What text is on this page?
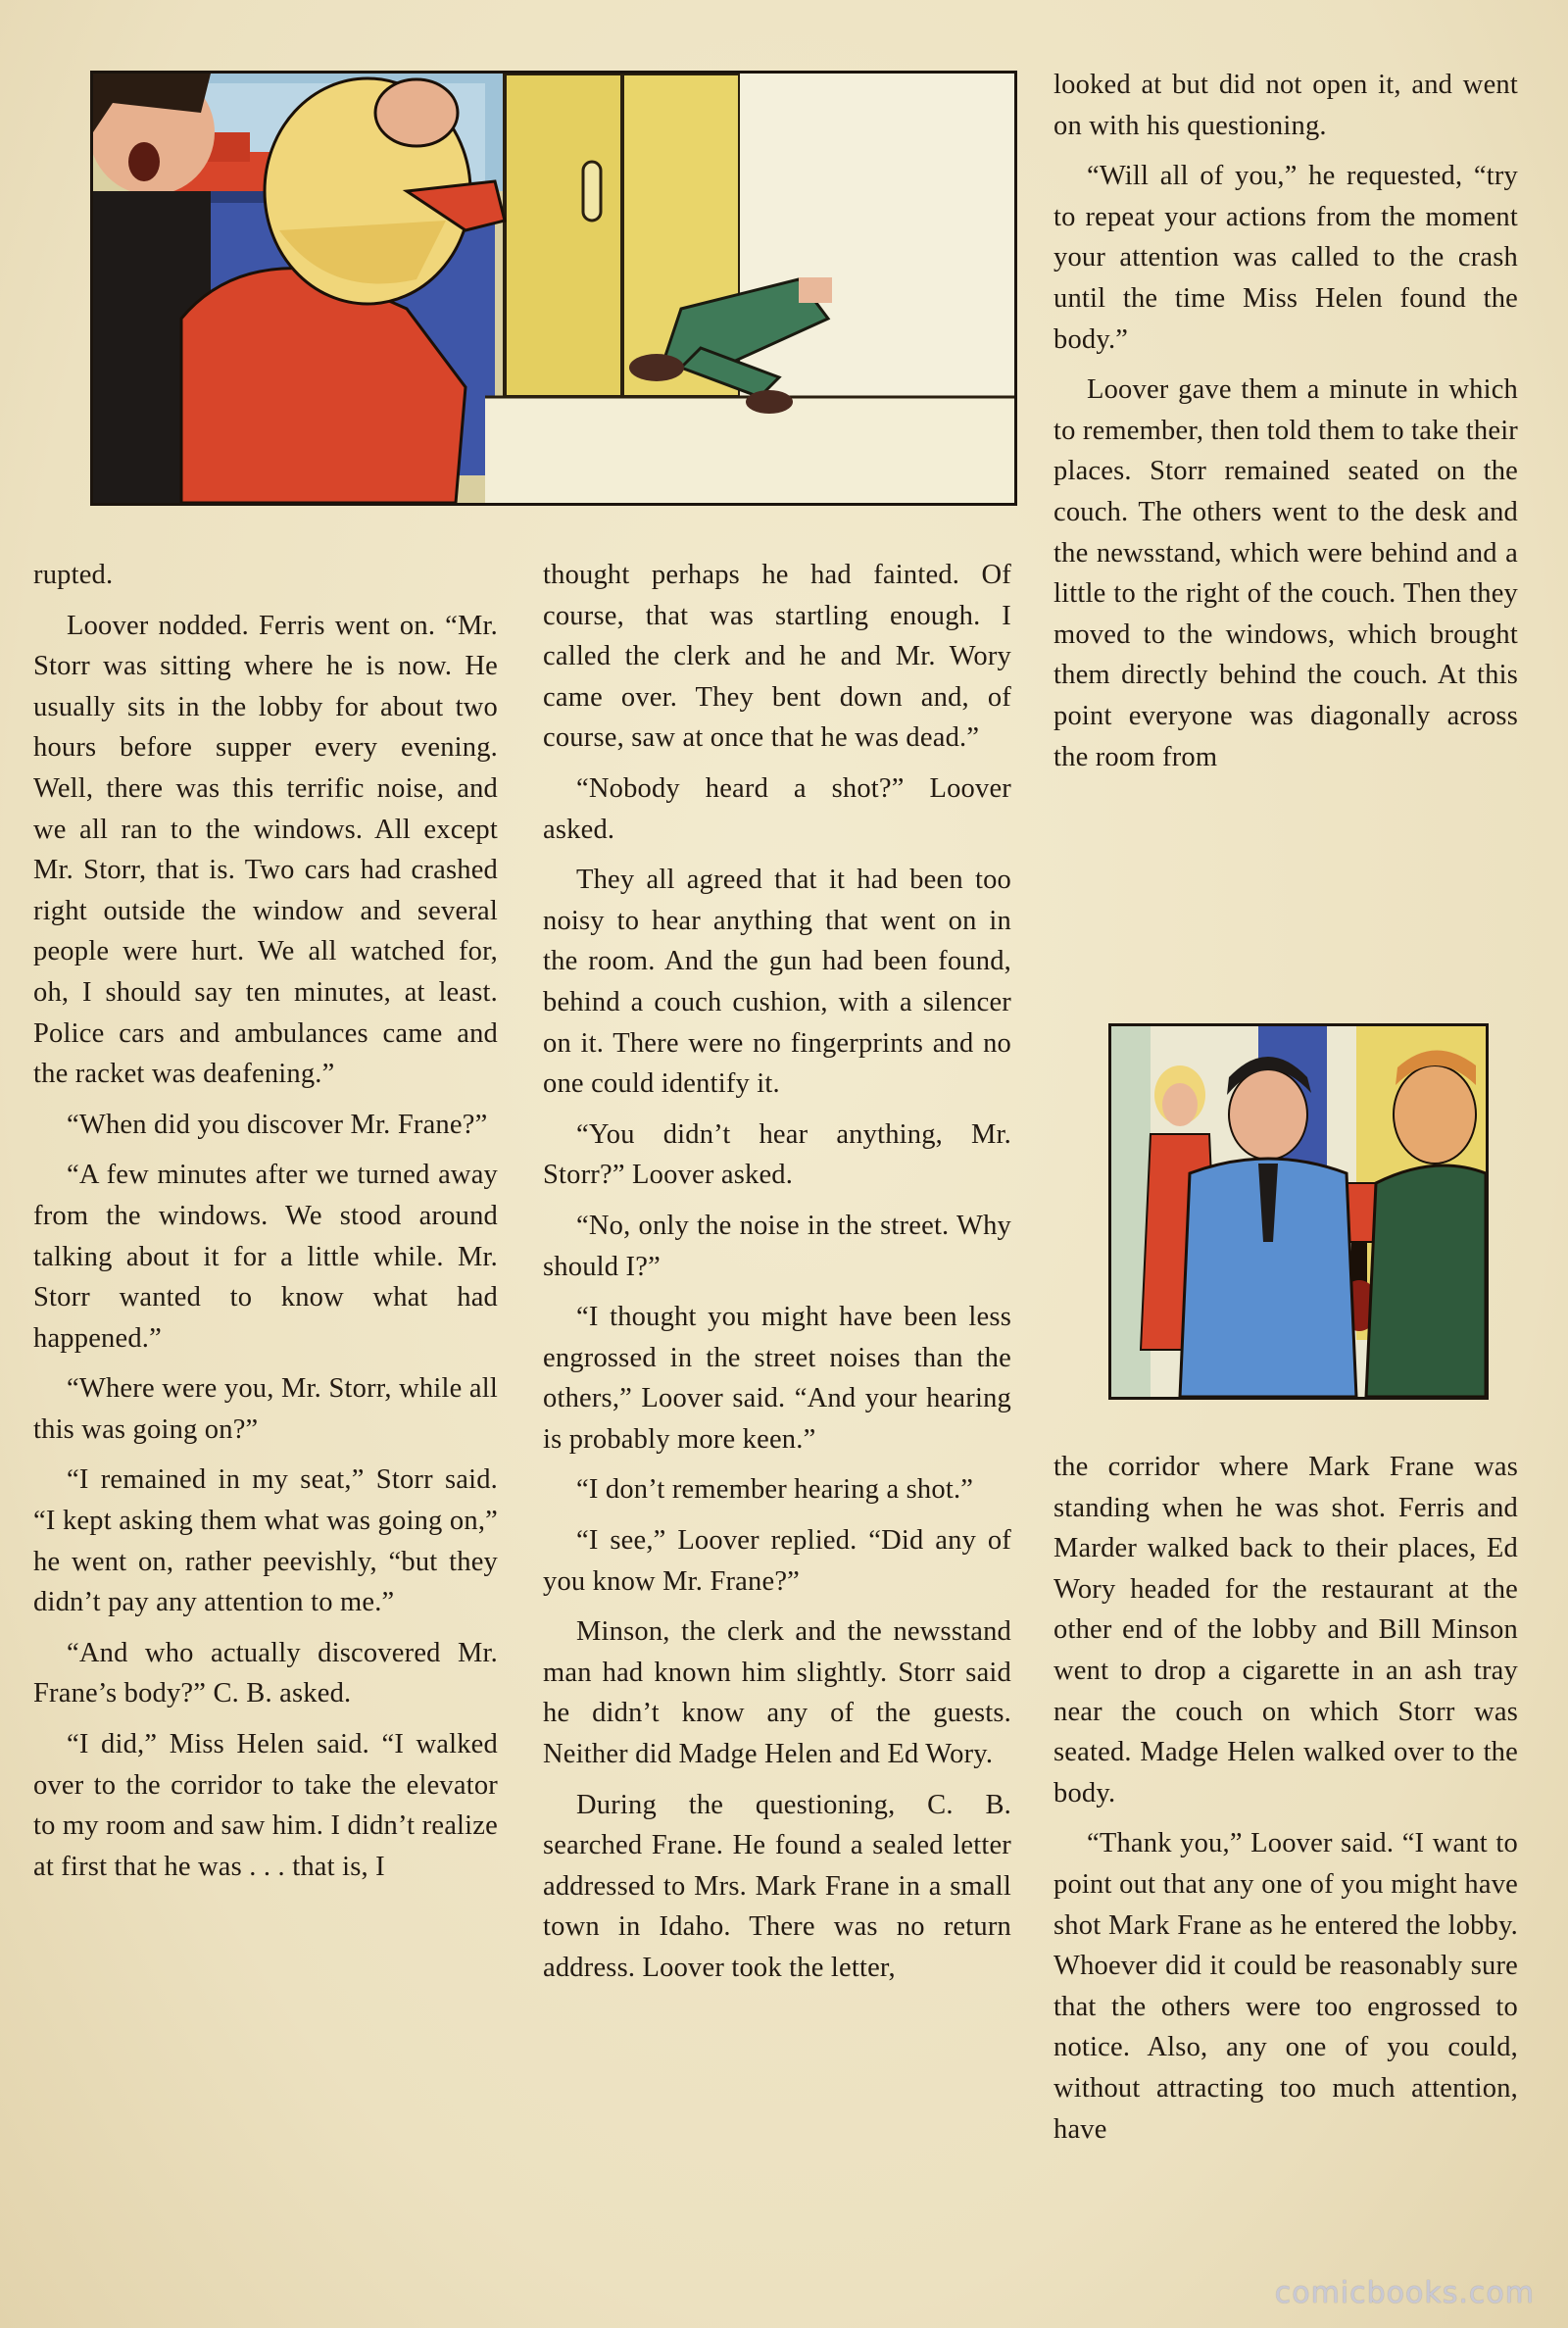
rupted.

Loover nodded. Ferris went on. “Mr. Storr was sitting where he is now. He usually sits in the lobby for about two hours before supper every evening. Well, there was this terrific noise, and we all ran to the windows. All except Mr. Storr, that is. Two cars had crashed right outside the window and several people were hurt. We all watched for, oh, I should say ten minutes, at least. Police cars and ambulances came and the racket was deafening.”

“When did you discover Mr. Frane?”

“A few minutes after we turned away from the windows. We stood around talking about it for a little while. Mr. Storr wanted to know what had happened.”

“Where were you, Mr. Storr, while all this was going on?”

“I remained in my seat,” Storr said. “I kept asking them what was going on,” he went on, rather peevishly, “but they didn’t pay any attention to me.”

“And who actually discovered Mr. Frane’s body?” C. B. asked.

“I did,” Miss Helen said. “I walked over to the corridor to take the elevator to my room and saw him. I didn’t realize at first that he was . . . that is, I

thought perhaps he had fainted. Of course, that was startling enough. I called the clerk and he and Mr. Wory came over. They bent down and, of course, saw at once that he was dead.”

“Nobody heard a shot?” Loover asked.

They all agreed that it had been too noisy to hear anything that went on in the room. And the gun had been found, behind a couch cushion, with a silencer on it. There were no fingerprints and no one could identify it.

“You didn’t hear anything, Mr. Storr?” Loover asked.

“No, only the noise in the street. Why should I?”

“I thought you might have been less engrossed in the street noises than the others,” Loover said. “And your hearing is probably more keen.”

“I don’t remember hearing a shot.”

“I see,” Loover replied. “Did any of you know Mr. Frane?”

Minson, the clerk and the newsstand man had known him slightly. Storr said he didn’t know any of the guests. Neither did Madge Helen and Ed Wory.

During the questioning, C. B. searched Frane. He found a sealed letter addressed to Mrs. Mark Frane in a small town in Idaho. There was no return address. Loover took the letter,

looked at but did not open it, and went on with his questioning.

“Will all of you,” he requested, “try to repeat your actions from the moment your attention was called to the crash until the time Miss Helen found the body.”

Loover gave them a minute in which to remember, then told them to take their places. Storr remained seated on the couch. The others went to the desk and the newsstand, which were behind and a little to the right of the couch. Then they moved to the windows, which brought them directly behind the couch. At this point everyone was diagonally across the room from

the corridor where Mark Frane was standing when he was shot. Ferris and Marder walked back to their places, Ed Wory headed for the restaurant at the other end of the lobby and Bill Minson went to drop a cigarette in an ash tray near the couch on which Storr was seated. Madge Helen walked over to the body.

“Thank you,” Loover said. “I want to point out that any one of you might have shot Mark Frane as he entered the lobby. Whoever did it could be reasonably sure that the others were too engrossed to notice. Also, any one of you could, without attracting too much attention, have

comicbooks.com
